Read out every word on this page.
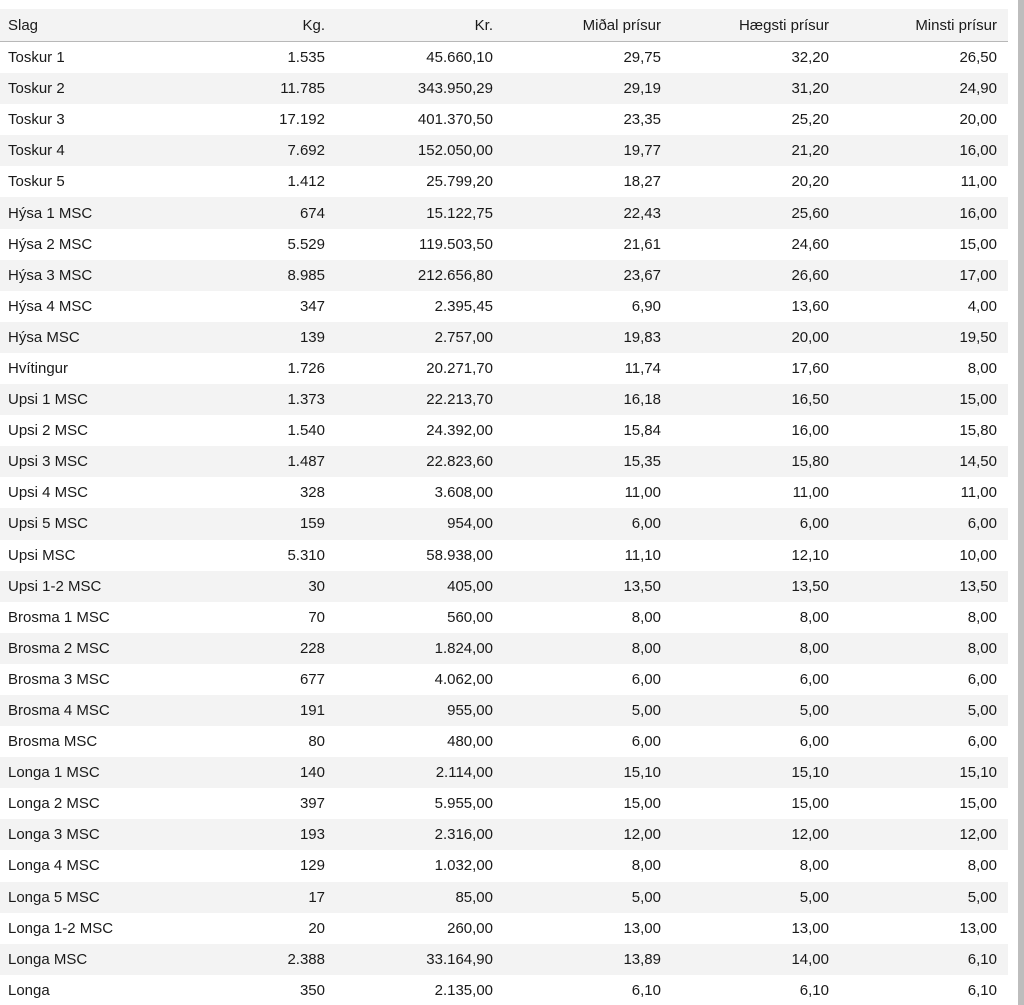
Slag	Kg.	Kr.	Miðal prísur	Hægsti prísur	Minsti prísur
Toskur 1	1.535	45.660,10	29,75	32,20	26,50
Toskur 2	11.785	343.950,29	29,19	31,20	24,90
Toskur 3	17.192	401.370,50	23,35	25,20	20,00
Toskur 4	7.692	152.050,00	19,77	21,20	16,00
Toskur 5	1.412	25.799,20	18,27	20,20	11,00
Hýsa 1 MSC	674	15.122,75	22,43	25,60	16,00
Hýsa 2 MSC	5.529	119.503,50	21,61	24,60	15,00
Hýsa 3 MSC	8.985	212.656,80	23,67	26,60	17,00
Hýsa 4 MSC	347	2.395,45	6,90	13,60	4,00
Hýsa MSC	139	2.757,00	19,83	20,00	19,50
Hvítingur	1.726	20.271,70	11,74	17,60	8,00
Upsi 1 MSC	1.373	22.213,70	16,18	16,50	15,00
Upsi 2 MSC	1.540	24.392,00	15,84	16,00	15,80
Upsi 3 MSC	1.487	22.823,60	15,35	15,80	14,50
Upsi 4 MSC	328	3.608,00	11,00	11,00	11,00
Upsi 5 MSC	159	954,00	6,00	6,00	6,00
Upsi MSC	5.310	58.938,00	11,10	12,10	10,00
Upsi 1-2 MSC	30	405,00	13,50	13,50	13,50
Brosma 1 MSC	70	560,00	8,00	8,00	8,00
Brosma 2 MSC	228	1.824,00	8,00	8,00	8,00
Brosma 3 MSC	677	4.062,00	6,00	6,00	6,00
Brosma 4 MSC	191	955,00	5,00	5,00	5,00
Brosma MSC	80	480,00	6,00	6,00	6,00
Longa 1 MSC	140	2.114,00	15,10	15,10	15,10
Longa 2 MSC	397	5.955,00	15,00	15,00	15,00
Longa 3 MSC	193	2.316,00	12,00	12,00	12,00
Longa 4 MSC	129	1.032,00	8,00	8,00	8,00
Longa 5 MSC	17	85,00	5,00	5,00	5,00
Longa 1-2 MSC	20	260,00	13,00	13,00	13,00
Longa MSC	2.388	33.164,90	13,89	14,00	6,10
Longa	350	2.135,00	6,10	6,10	6,10
